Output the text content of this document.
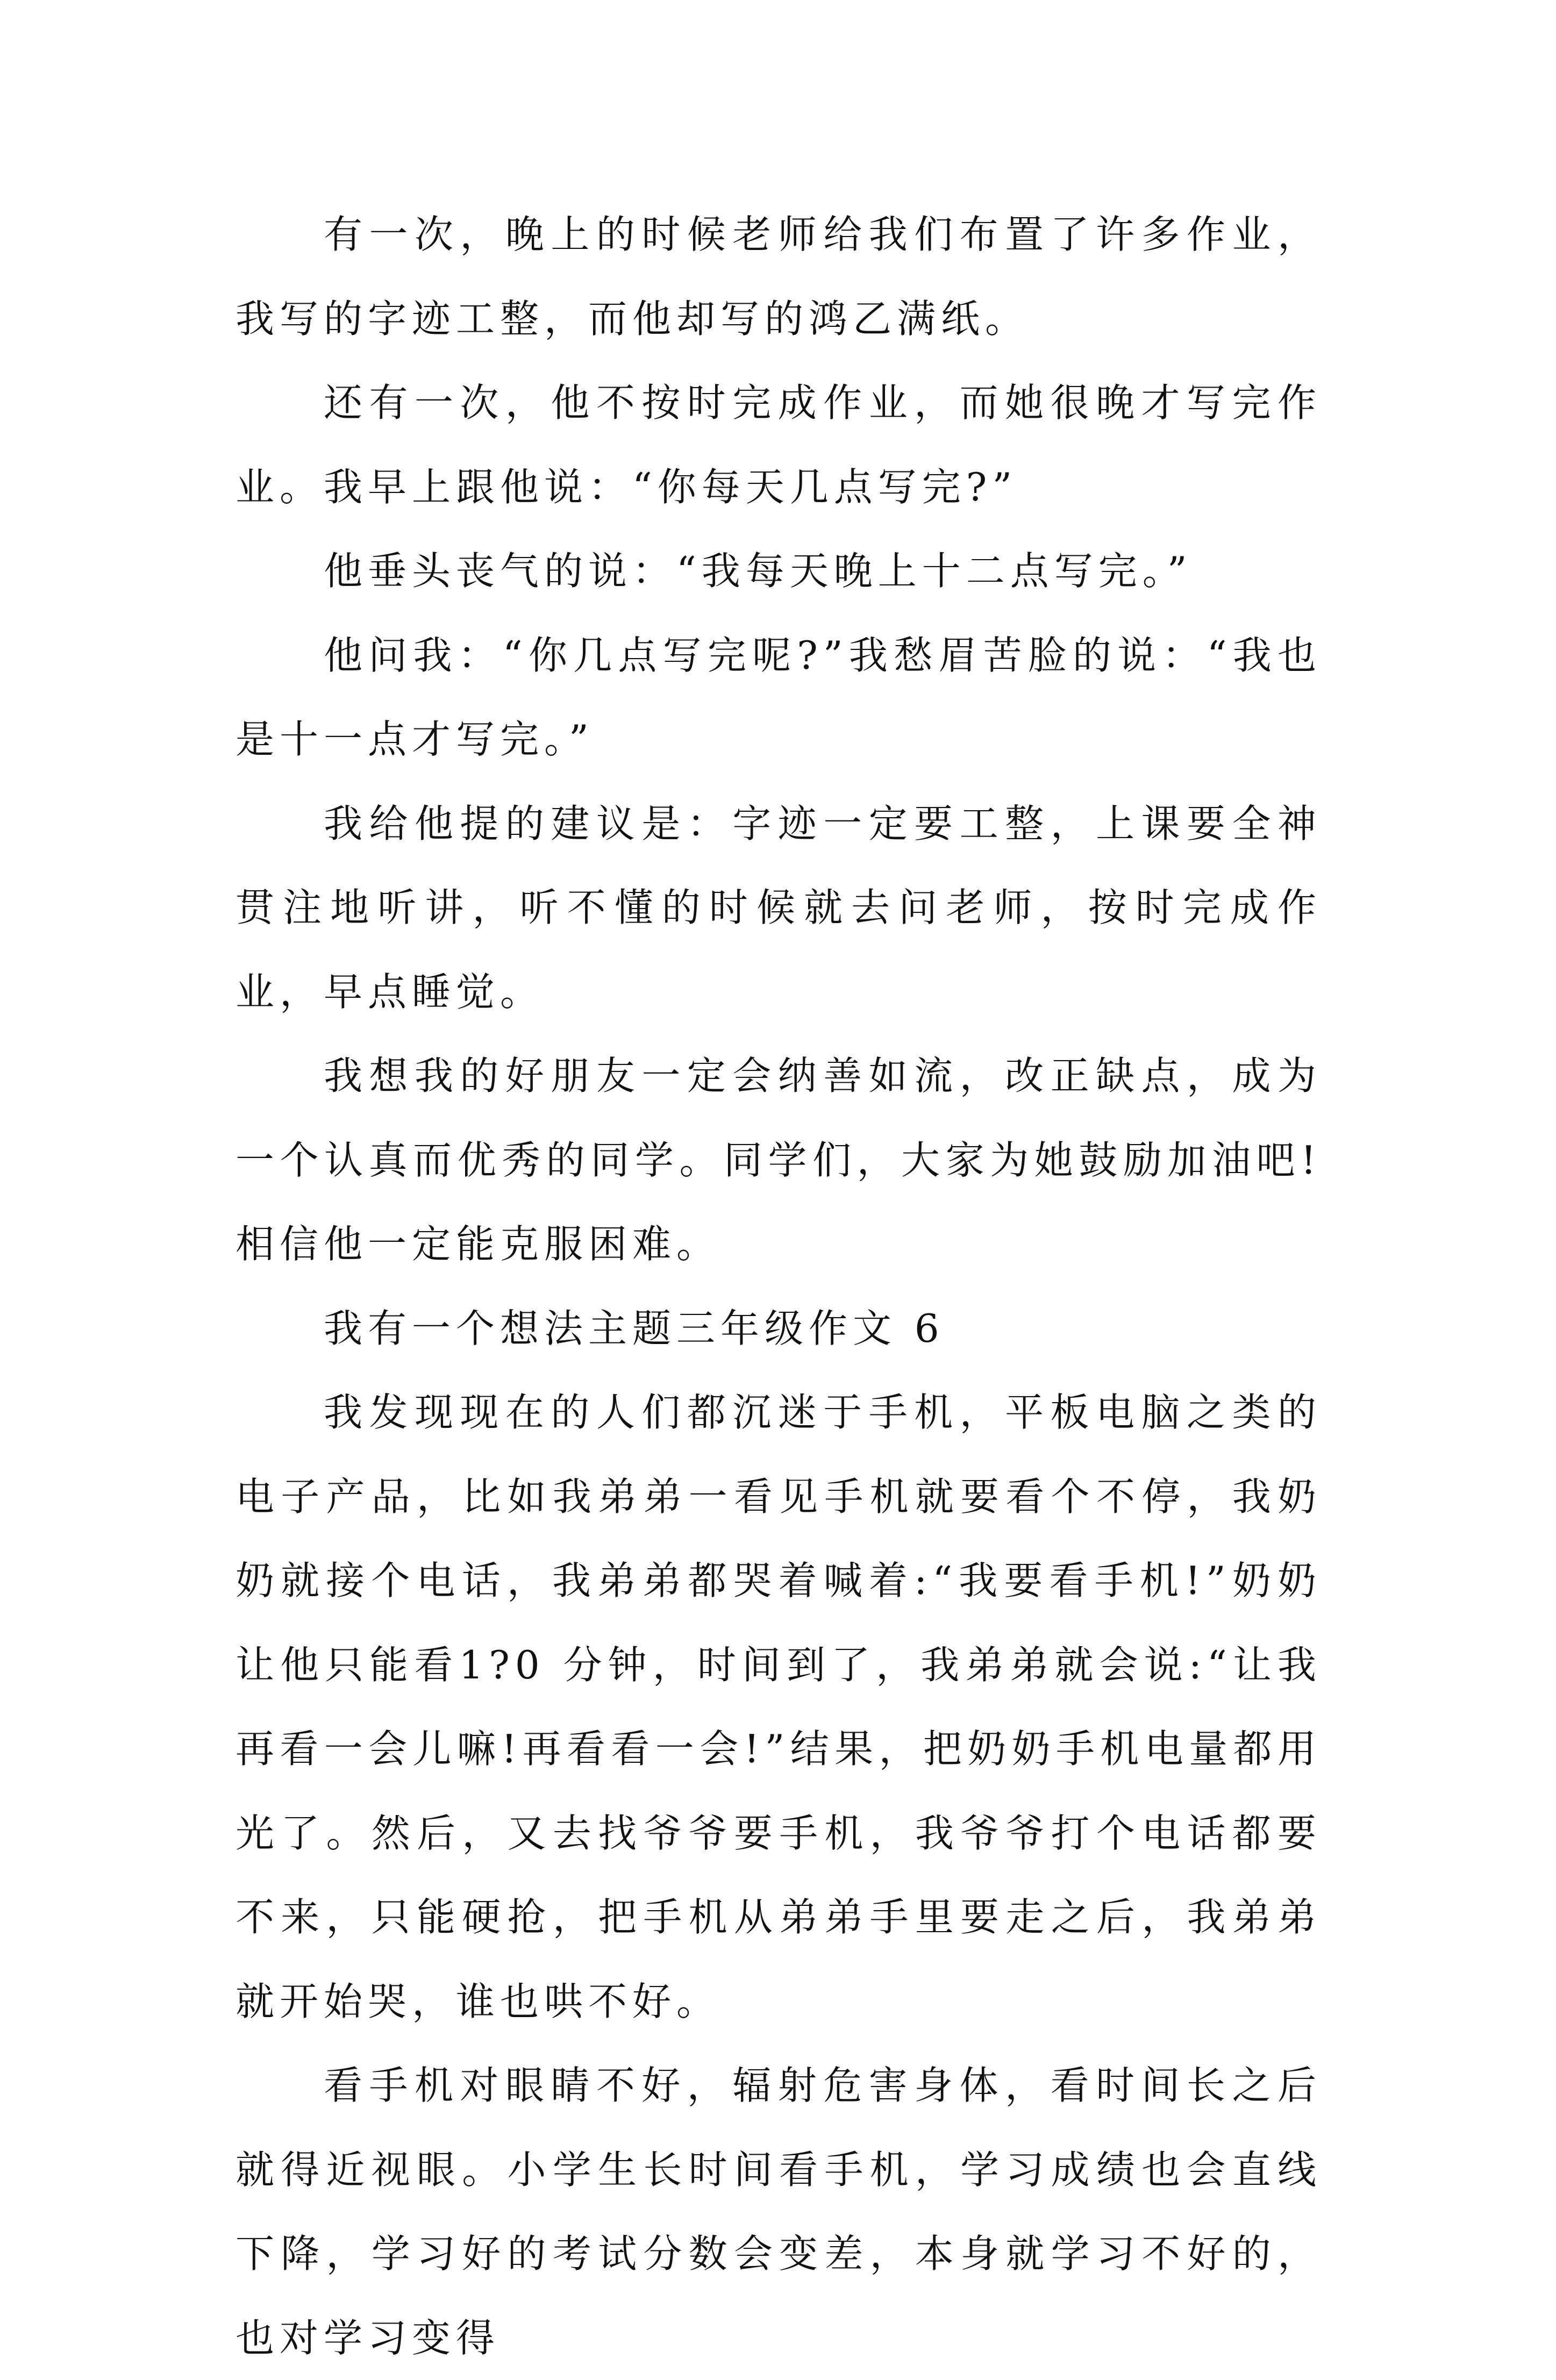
有一次，晚上的时候老师给我们布置了许多作业，我写的字迹工整，而他却写的鸿乙满纸。

还有一次，他不按时完成作业，而她很晚才写完作业。我早上跟他说：“你每天几点写完?”

他垂头丧气的说：“我每天晚上十二点写完。”

他问我：“你几点写完呢?”我愁眉苦脸的说：“我也是十一点才写完。”

我给他提的建议是：字迹一定要工整，上课要全神贯注地听讲，听不懂的时候就去问老师，按时完成作业，早点睡觉。

我想我的好朋友一定会纳善如流，改正缺点，成为一个认真而优秀的同学。同学们，大家为她鼓励加油吧!相信他一定能克服困难。

我有一个想法主题三年级作文 6

我发现现在的人们都沉迷于手机，平板电脑之类的电子产品，比如我弟弟一看见手机就要看个不停，我奶奶就接个电话，我弟弟都哭着喊着:“我要看手机!”奶奶让他只能看1?0 分钟，时间到了，我弟弟就会说:“让我再看一会儿嘛!再看看一会!”结果，把奶奶手机电量都用光了。然后，又去找爷爷要手机，我爷爷打个电话都要不来，只能硬抢，把手机从弟弟手里要走之后，我弟弟就开始哭，谁也哄不好。

看手机对眼睛不好，辐射危害身体，看时间长之后就得近视眼。小学生长时间看手机，学习成绩也会直线下降，学习好的考试分数会变差，本身就学习不好的，也对学习变得
